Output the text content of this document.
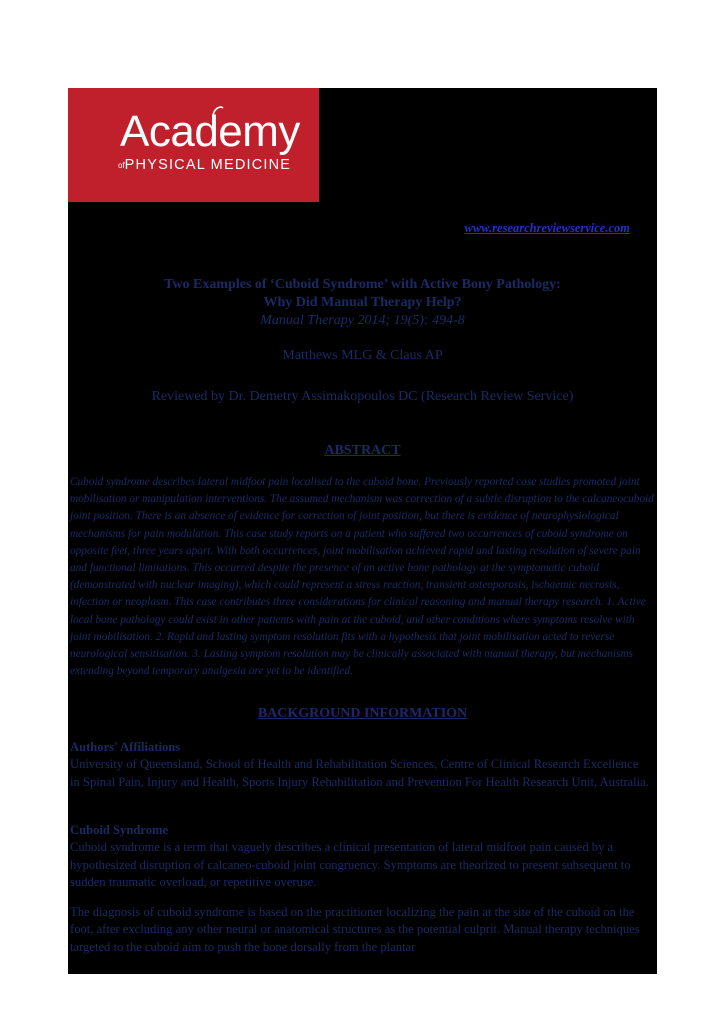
Academy
ofPHYSICAL MEDICINE
www.researchreviewservice.com
Two Examples of ‘Cuboid Syndrome’ with Active Bony Pathology:
Why Did Manual Therapy Help?
Manual Therapy 2014; 19(5): 494-8
Matthews MLG & Claus AP
Reviewed by Dr. Demetry Assimakopoulos DC (Research Review Service)
ABSTRACT

Cuboid syndrome describes lateral midfoot pain localised to the cuboid bone. Previously reported case studies promoted joint mobilisation or manipulation interventions. The assumed mechanism was correction of a subtle disruption to the calcaneocuboid joint position. There is an absence of evidence for correction of joint position, but there is evidence of neurophysiological mechanisms for pain modulation. This case study reports on a patient who suffered two occurrences of cuboid syndrome on opposite feet, three years apart. With both occurrences, joint mobilisation achieved rapid and lasting resolution of severe pain and functional limitations. This occurred despite the presence of an active bone pathology at the symptomatic cuboid (demonstrated with nuclear imaging), which could represent a stress reaction, transient osteoporosis, ischaemic necrosis, infection or neoplasm. This case contributes three considerations for clinical reasoning and manual therapy research. 1. Active local bone pathology could exist in other patients with pain at the cuboid, and other conditions where symptoms resolve with joint mobilisation. 2. Rapid and lasting symptom resolution fits with a hypothesis that joint mobilisation acted to reverse neurological sensitisation. 3. Lasting symptom resolution may be clinically associated with manual therapy, but mechanisms extending beyond temporary analgesia are yet to be identified.

BACKGROUND INFORMATION
Authors' Affiliations

University of Queensland, School of Health and Rehabilitation Sciences, Centre of Clinical Research Excellence in Spinal Pain, Injury and Health, Sports Injury Rehabilitation and Prevention For Health Research Unit, Australia.

Cuboid Syndrome

Cuboid syndrome is a term that vaguely describes a clinical presentation of lateral midfoot pain caused by a hypothesized disruption of calcaneo-cuboid joint congruency. Symptoms are theorized to present subsequent to sudden traumatic overload, or repetitive overuse.

The diagnosis of cuboid syndrome is based on the practitioner localizing the pain at the site of the cuboid on the foot, after excluding any other neural or anatomical structures as the potential culprit. Manual therapy techniques targeted to the cuboid aim to push the bone dorsally from the plantar
